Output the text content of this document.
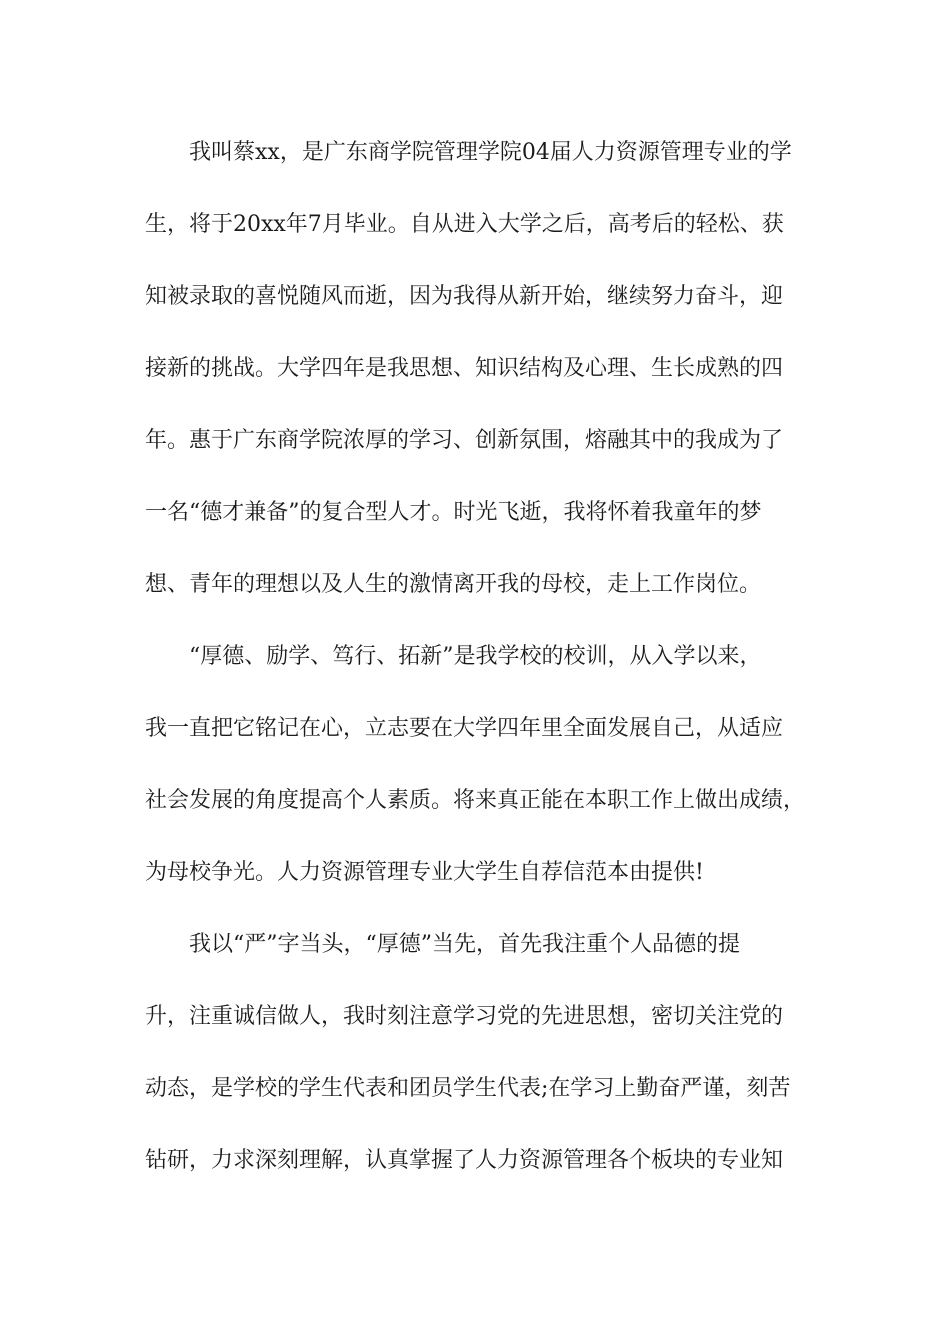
我叫蔡xx，是广东商学院管理学院04届人力资源管理专业的学
生，将于20xx年7月毕业。自从进入大学之后，高考后的轻松、获
知被录取的喜悦随风而逝，因为我得从新开始，继续努力奋斗，迎
接新的挑战。大学四年是我思想、知识结构及心理、生长成熟的四
年。惠于广东商学院浓厚的学习、创新氛围，熔融其中的我成为了
一名“德才兼备”的复合型人才。时光飞逝，我将怀着我童年的梦
想、青年的理想以及人生的激情离开我的母校，走上工作岗位。
“厚德、励学、笃行、拓新”是我学校的校训，从入学以来，
我一直把它铭记在心，立志要在大学四年里全面发展自己，从适应
社会发展的角度提高个人素质。将来真正能在本职工作上做出成绩，
为母校争光。人力资源管理专业大学生自荐信范本由提供!
我以“严”字当头，“厚德”当先，首先我注重个人品德的提
升，注重诚信做人，我时刻注意学习党的先进思想，密切关注党的
动态，是学校的学生代表和团员学生代表;在学习上勤奋严谨，刻苦
钻研，力求深刻理解，认真掌握了人力资源管理各个板块的专业知
